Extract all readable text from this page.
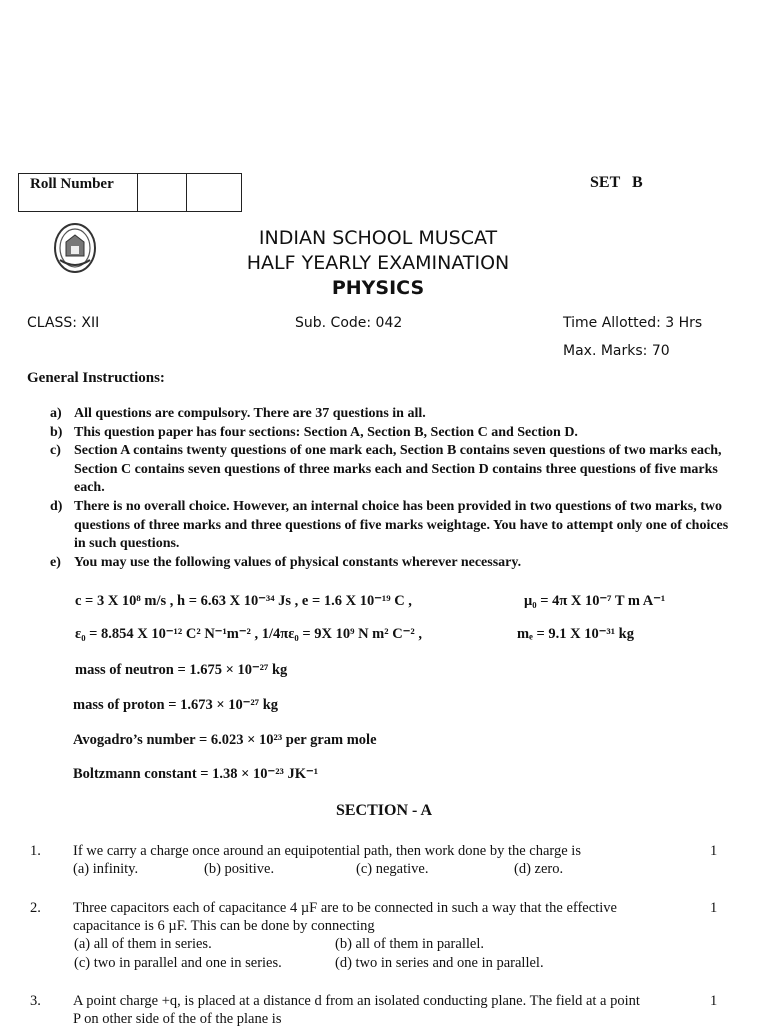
Roll Number	SET B
INDIAN SCHOOL MUSCAT
HALF YEARLY EXAMINATION
PHYSICS
CLASS: XII	Sub. Code: 042	Time Allotted: 3 Hrs
Max. Marks: 70
General Instructions:
a) All questions are compulsory. There are 37 questions in all.
b) This question paper has four sections: Section A, Section B, Section C and Section D.
c) Section A contains twenty questions of one mark each, Section B contains seven questions of two marks each, Section C contains seven questions of three marks each and Section D contains three questions of five marks each.
d) There is no overall choice. However, an internal choice has been provided in two questions of two marks, two questions of three marks and three questions of five marks weightage. You have to attempt only one of choices in such questions.
e) You may use the following values of physical constants wherever necessary.
c = 3 X 10⁸ m/s , h = 6.63 X 10⁻³⁴ Js , e = 1.6 X 10⁻¹⁹ C ,	μ₀ = 4π X 10⁻⁷ T m A⁻¹
ε₀ = 8.854 X 10⁻¹² C² N⁻¹m⁻² , 1/4πε₀ = 9X 10⁹ N m² C⁻² ,	mₑ = 9.1 X 10⁻³¹ kg
mass of neutron = 1.675 × 10⁻²⁷ kg
mass of proton = 1.673 × 10⁻²⁷ kg
Avogadro’s number = 6.023 × 10²³ per gram mole
Boltzmann constant = 1.38 × 10⁻²³ JK⁻¹
SECTION - A
1. If we carry a charge once around an equipotential path, then work done by the charge is	1
(a) infinity.	(b) positive.	(c) negative.	(d) zero.
2. Three capacitors each of capacitance 4 µF are to be connected in such a way that the effective
capacitance is 6 µF. This can be done by connecting
1
(a) all of them in series.	(b) all of them in parallel.
(c) two in parallel and one in series.	(d) two in series and one in parallel.
3. A point charge +q, is placed at a distance d from an isolated conducting plane. The field at a point
P on other side of the of the plane is
1
